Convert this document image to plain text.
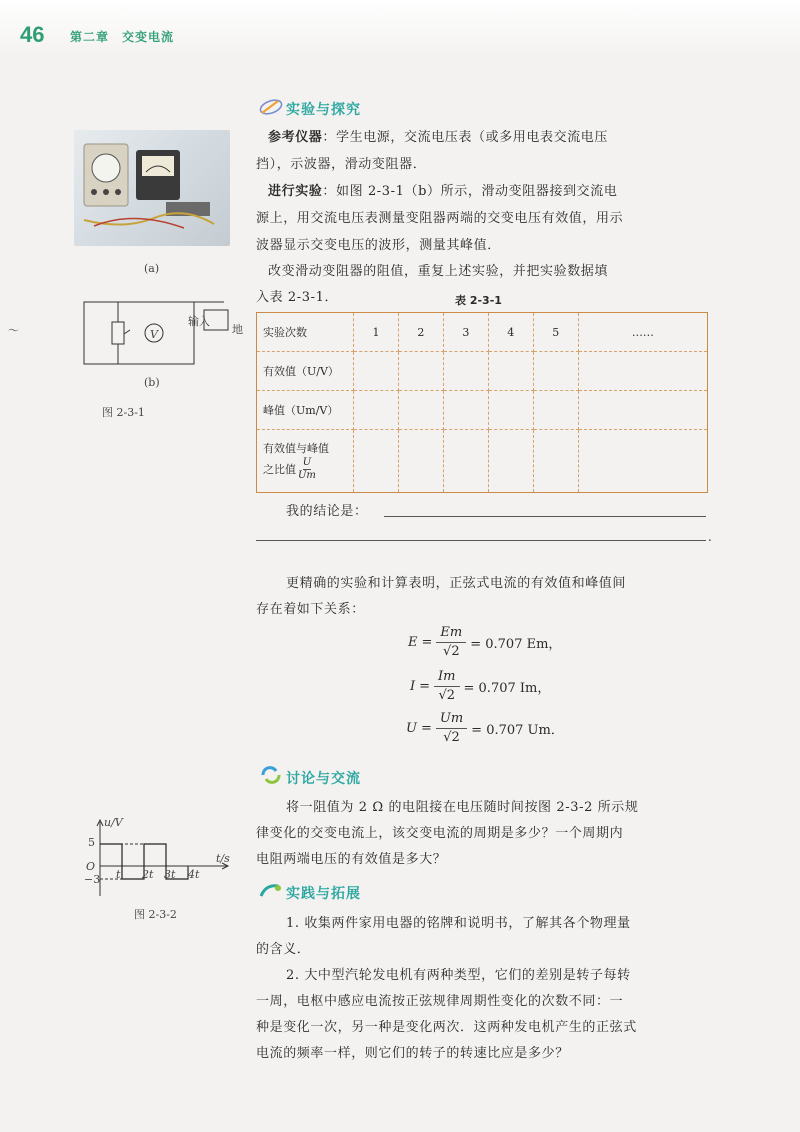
46 第二章　交变电流
实验与探究
参考仪器：学生电源，交流电压表（或多用电表交流电压
挡），示波器，滑动变阻器．
进行实验：如图 2-3-1（b）所示，滑动变阻器接到交流电
源上，用交流电压表测量变阻器两端的交变电压有效值，用示
波器显示交变电压的波形，测量其峰值．
改变滑动变阻器的阻值，重复上述实验，并把实验数据填
入表 2-3-1．
(a)
～	V
输入
地
(b)
图 2-3-1
表 2-3-1
实验次数	1	2	3	4	5	……
有效值（U/V）						
峰值（Um/V）						

有效值与峰值
之比值 $\frac{U}{Um}$

我的结论是：
.
更精确的实验和计算表明，正弦式电流的有效值和峰值间
存在着如下关系：
$E = \frac{Em}{√2} = 0.707$ Em，
$I = \frac{Im}{√2} = 0.707$ Im，
$U = \frac{Um}{√2} = 0.707$ Um．
讨论与交流
将一阻值为 2 Ω 的电阻接在电压随时间按图 2-3-2 所示规
律变化的交变电流上，该交变电流的周期是多少？一个周期内
电阻两端电压的有效值是多大？
u/V
t/s
5
O
−3 t 2t 3t 4t
图 2-3-2
实践与拓展
1. 收集两件家用电器的铭牌和说明书，了解其各个物理量
的含义．
2. 大中型汽轮发电机有两种类型，它们的差别是转子每转
一周，电枢中感应电流按正弦规律周期性变化的次数不同：一
种是变化一次，另一种是变化两次．这两种发电机产生的正弦式
电流的频率一样，则它们的转子的转速比应是多少？
